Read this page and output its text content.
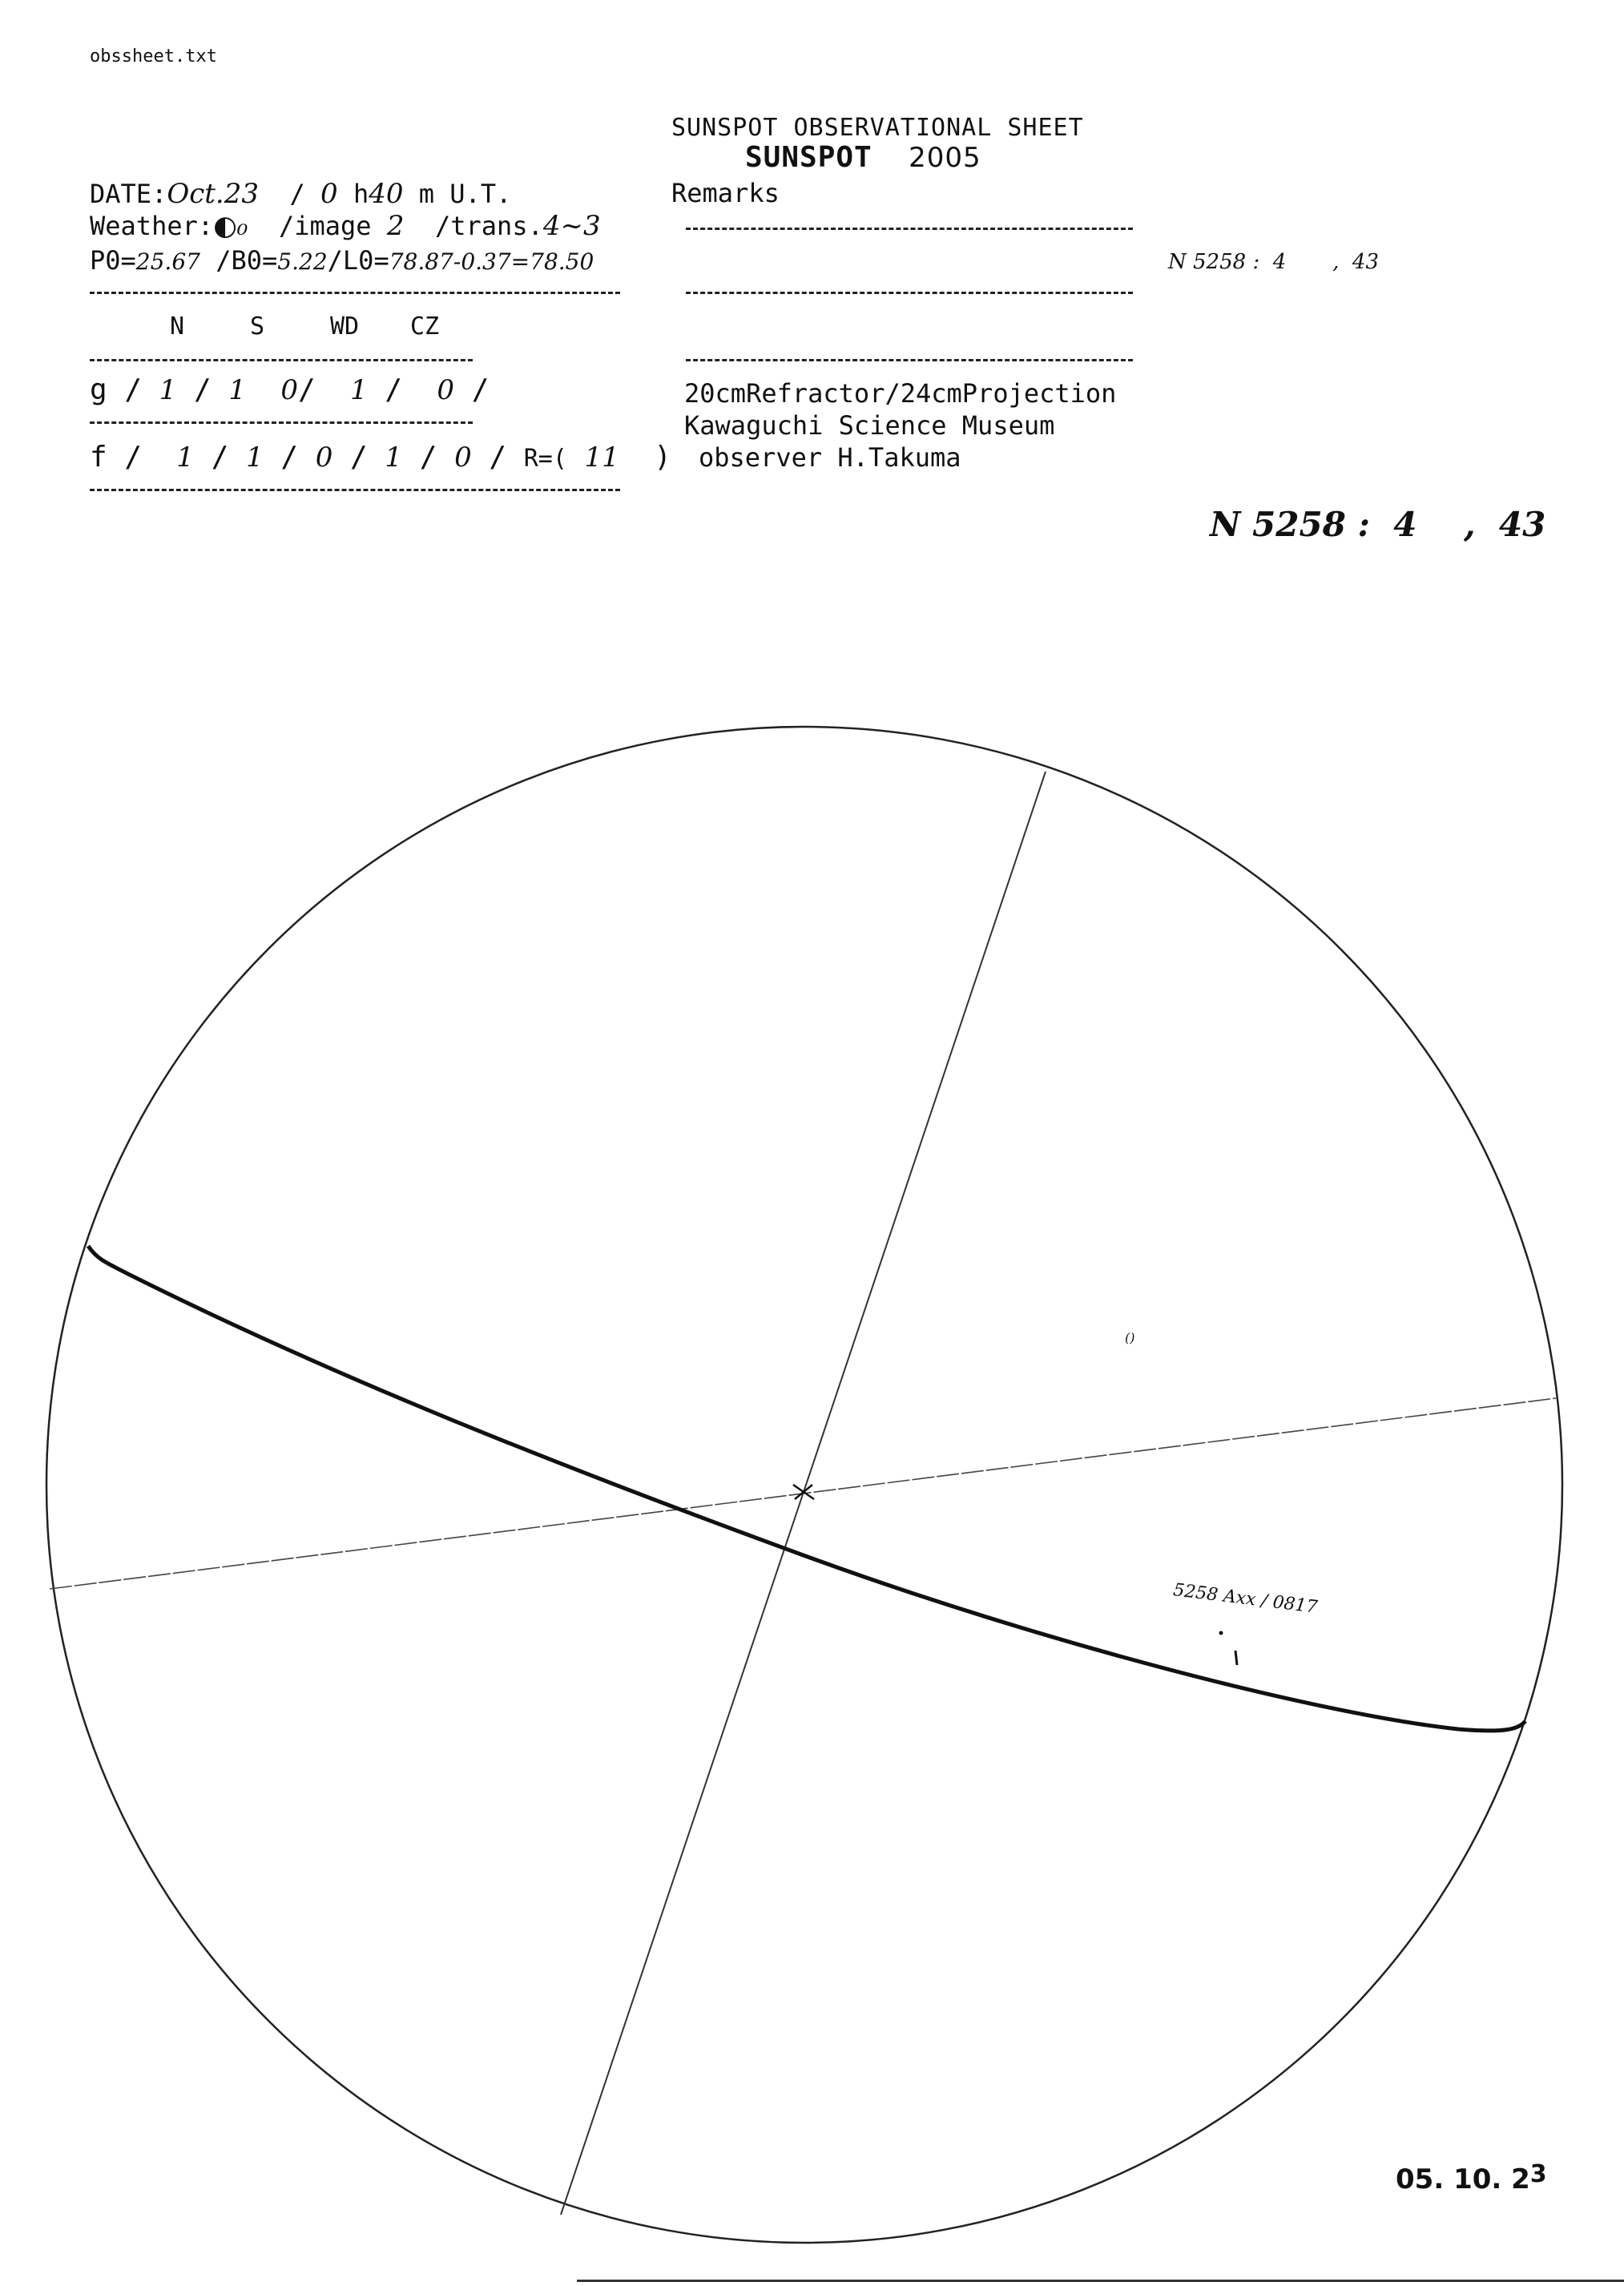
obssheet.txt
SUNSPOT OBSERVATIONAL SHEET
SUNSPOT 2005
DATE:Oct.23 / 0 h40 m U.T.
Weather:◐₀ /image 2 /trans.4~3
P0=25.67 /B0=5.22/L0=78.87-0.37=78.50
N	S	WD CZ
g / 1 / 1 0/  1 /  0 /
f /  1 / 1 / 0 / 1 / 0 / R=( 11 )
Remarks
20cmRefractor/24cmProjection
Kawaguchi Science Museum
observer H.Takuma
N 5258 :  4       ,  43
N 5258 :  4    ,  43
()
5258 Axx / 0817
05. 10. 23
